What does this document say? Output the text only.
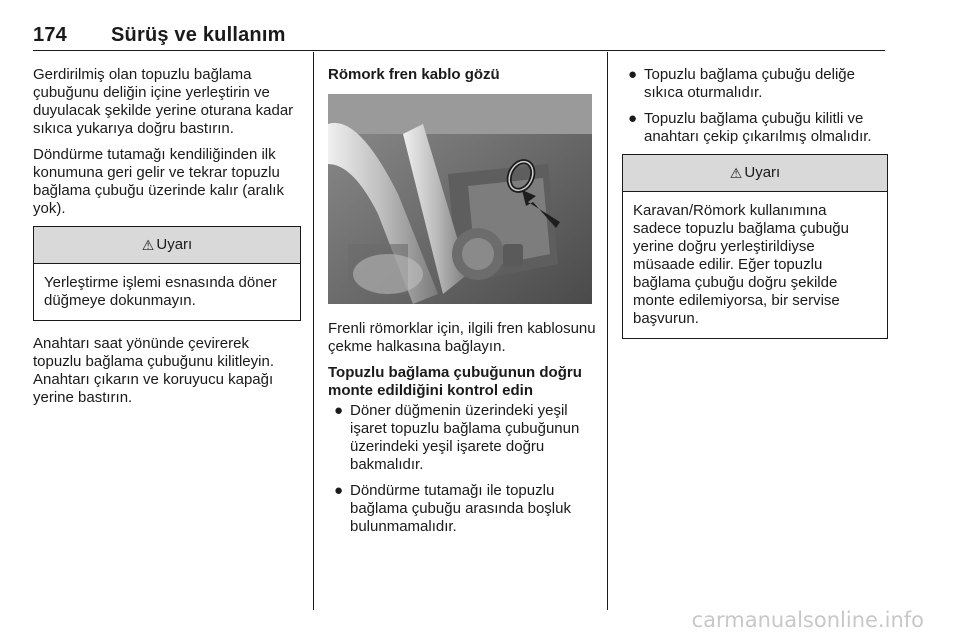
174 Sürüş ve kullanım

Gerdirilmiş olan topuzlu bağlama çubuğunu deliğin içine yerleştirin ve duyulacak şekilde yerine oturana kadar sıkıca yukarıya doğru bastırın.

Döndürme tutamağı kendiliğinden ilk konumuna geri gelir ve tekrar topuzlu bağlama çubuğu üzerinde kalır (aralık yok).

⚠ Uyarı
Yerleştirme işlemi esnasında döner düğmeye dokunmayın.

Anahtarı saat yönünde çevirerek topuzlu bağlama çubuğunu kilitleyin. Anahtarı çıkarın ve koruyucu kapağı yerine bastırın.

Römork fren kablo gözü

Frenli römorklar için, ilgili fren kablosunu çekme halkasına bağlayın.

Topuzlu bağlama çubuğunun doğru monte edildiğini kontrol edin

● Döner düğmenin üzerindeki yeşil işaret topuzlu bağlama çubuğunun üzerindeki yeşil işarete doğru bakmalıdır.
● Döndürme tutamağı ile topuzlu bağlama çubuğu arasında boşluk bulunmamalıdır.
● Topuzlu bağlama çubuğu deliğe sıkıca oturmalıdır.
● Topuzlu bağlama çubuğu kilitli ve anahtarı çekip çıkarılmış olmalıdır.
⚠ Uyarı
Karavan/Römork kullanımına sadece topuzlu bağlama çubuğu yerine doğru yerleştirildiyse müsaade edilir. Eğer topuzlu bağlama çubuğu doğru şekilde monte edilemiyorsa, bir servise başvurun.
carmanualsonline.info
